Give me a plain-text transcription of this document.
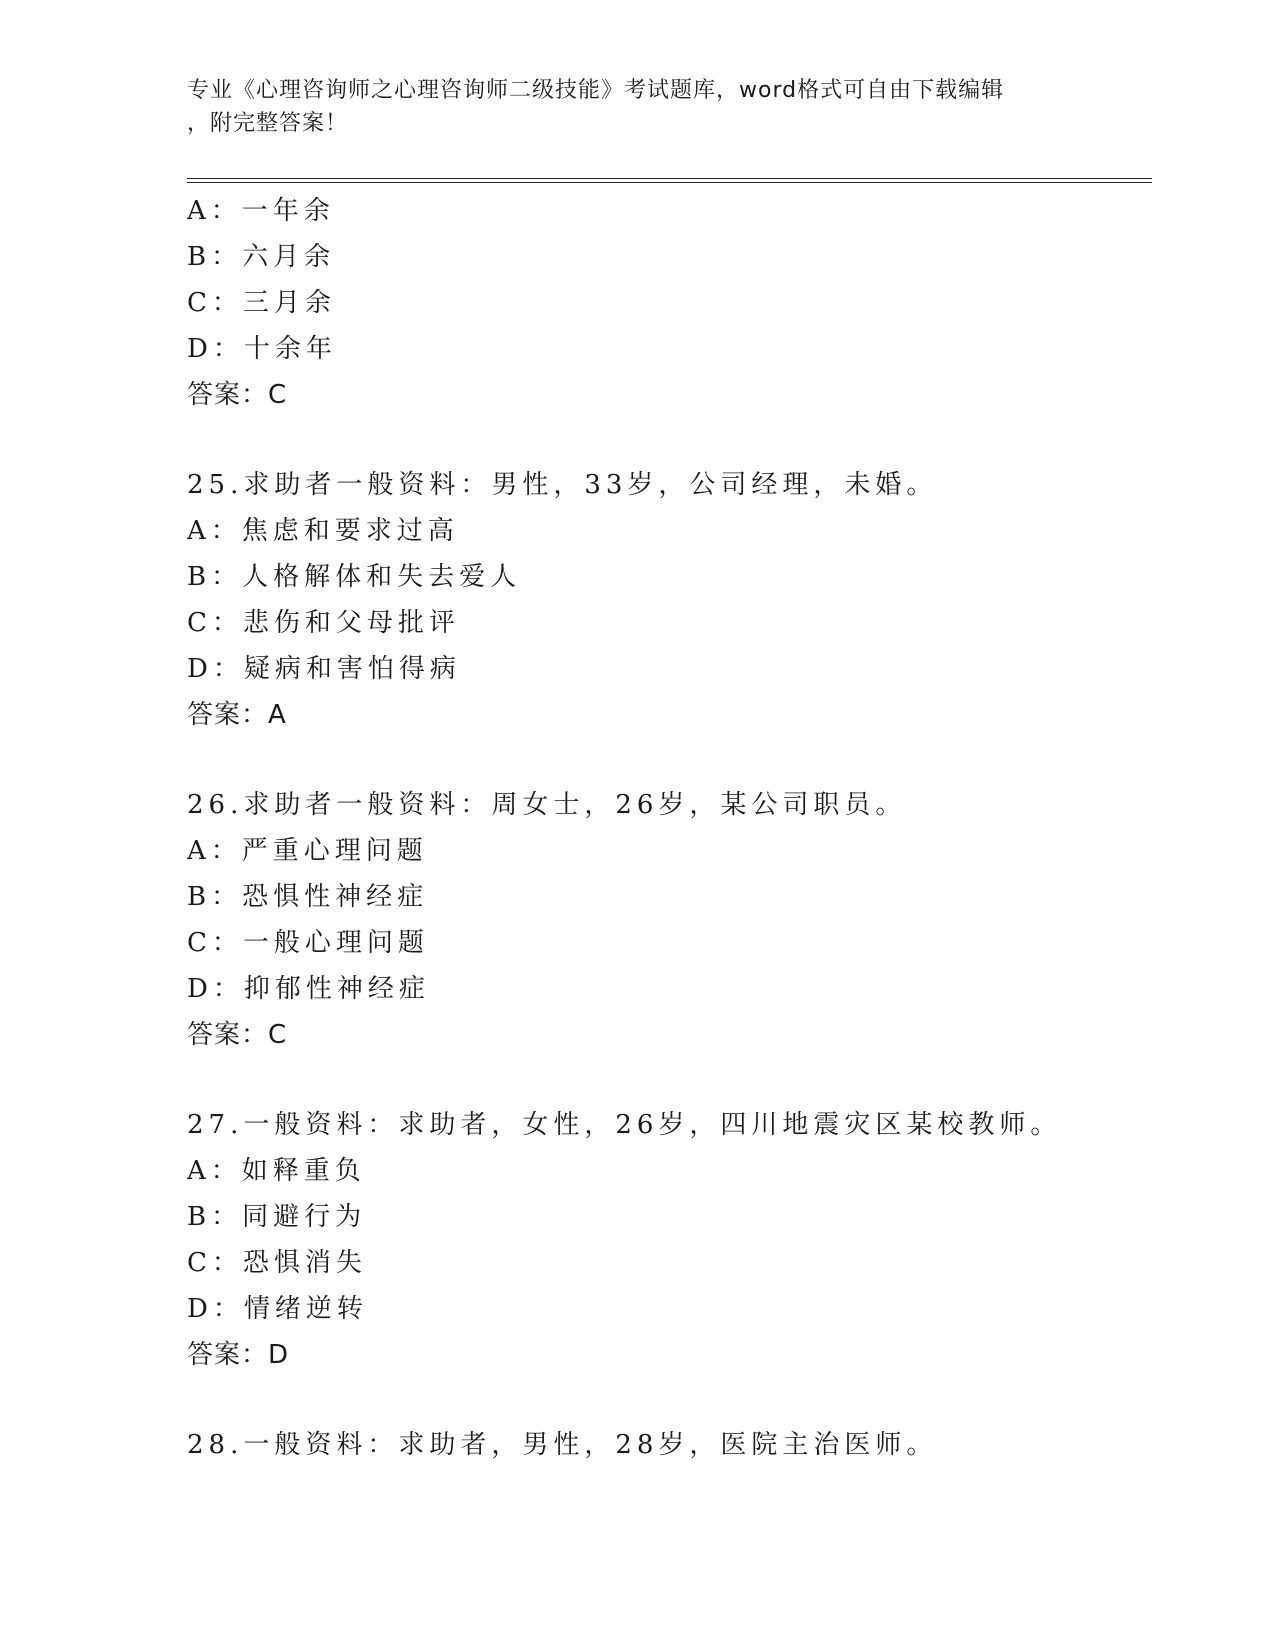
专业《心理咨询师之心理咨询师二级技能》考试题库，word格式可自由下载编辑
，附完整答案！
A：一年余
B：六月余
C：三月余
D：十余年
答案：C
25.求助者一般资料：男性，33岁，公司经理，未婚。
A：焦虑和要求过高
B：人格解体和失去爱人
C：悲伤和父母批评
D：疑病和害怕得病
答案：A
26.求助者一般资料：周女士，26岁，某公司职员。
A：严重心理问题
B：恐惧性神经症
C：一般心理问题
D：抑郁性神经症
答案：C
27.一般资料：求助者，女性，26岁，四川地震灾区某校教师。
A：如释重负
B：同避行为
C：恐惧消失
D：情绪逆转
答案：D
28.一般资料：求助者，男性，28岁，医院主治医师。
